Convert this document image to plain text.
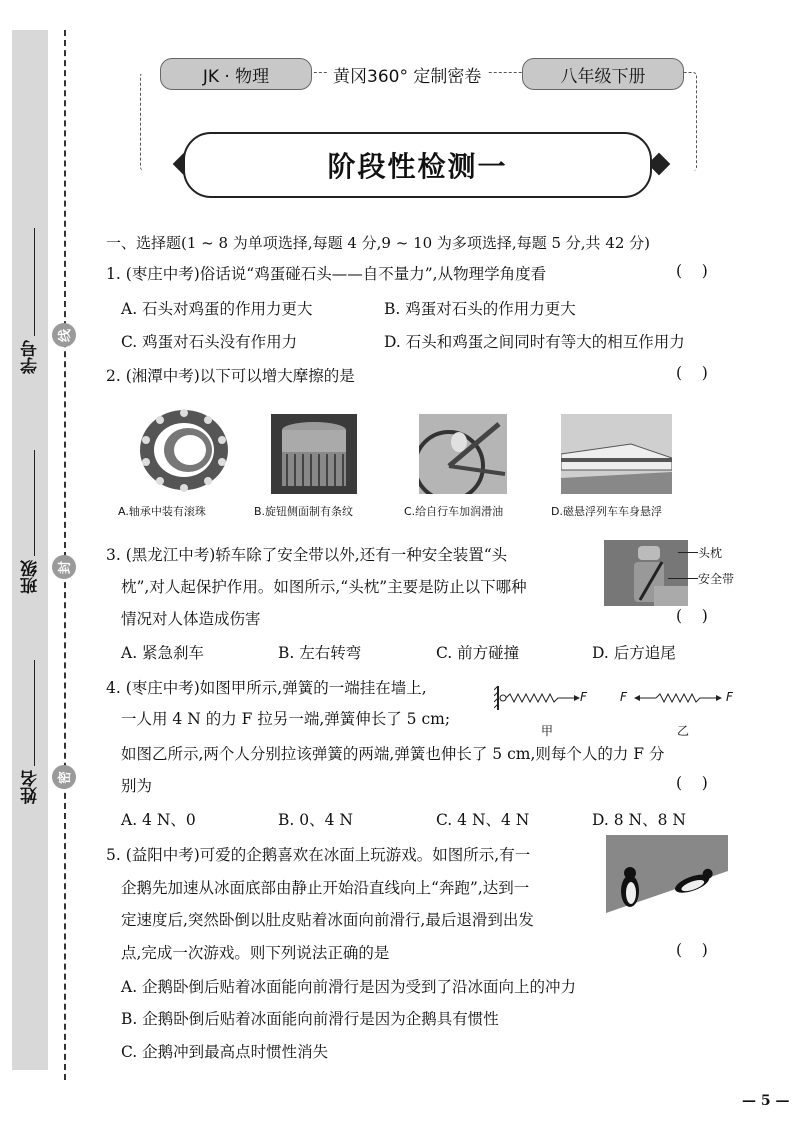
学号
班级
姓名
线
封
密
JK · 物理	黄冈360° 定制密卷	八年级下册
阶段性检测一
一、选择题(1 ~ 8 为单项选择,每题 4 分,9 ~ 10 为多项选择,每题 5 分,共 42 分)
1. (枣庄中考)俗话说“鸡蛋碰石头——自不量力”,从物理学角度看	(    )
A. 石头对鸡蛋的作用力更大	B. 鸡蛋对石头的作用力更大
C. 鸡蛋对石头没有作用力	D. 石头和鸡蛋之间同时有等大的相互作用力
2. (湘潭中考)以下可以增大摩擦的是	(    )
A.轴承中装有滚珠	B.旋钮侧面制有条纹	C.给自行车加润滑油	D.磁悬浮列车车身悬浮
3. (黑龙江中考)轿车除了安全带以外,还有一种安全装置“头
枕”,对人起保护作用。如图所示,“头枕”主要是防止以下哪种
情况对人体造成伤害	(    )
头枕
安全带
A. 紧急刹车	B. 左右转弯	C. 前方碰撞	D. 后方追尾
4. (枣庄中考)如图甲所示,弹簧的一端挂在墙上,
一人用 4 N 的力 F 拉另一端,弹簧伸长了 5 cm;
如图乙所示,两个人分别拉该弹簧的两端,弹簧也伸长了 5 cm,则每个人的力 F 分
别为	(    )
F
甲
F	F
乙
A. 4 N、0	B. 0、4 N	C. 4 N、4 N	D. 8 N、8 N
5. (益阳中考)可爱的企鹅喜欢在冰面上玩游戏。如图所示,有一
企鹅先加速从冰面底部由静止开始沿直线向上“奔跑”,达到一
定速度后,突然卧倒以肚皮贴着冰面向前滑行,最后退滑到出发
点,完成一次游戏。则下列说法正确的是	(    )
A. 企鹅卧倒后贴着冰面能向前滑行是因为受到了沿冰面向上的冲力
B. 企鹅卧倒后贴着冰面能向前滑行是因为企鹅具有惯性
C. 企鹅冲到最高点时惯性消失
— 5 —
